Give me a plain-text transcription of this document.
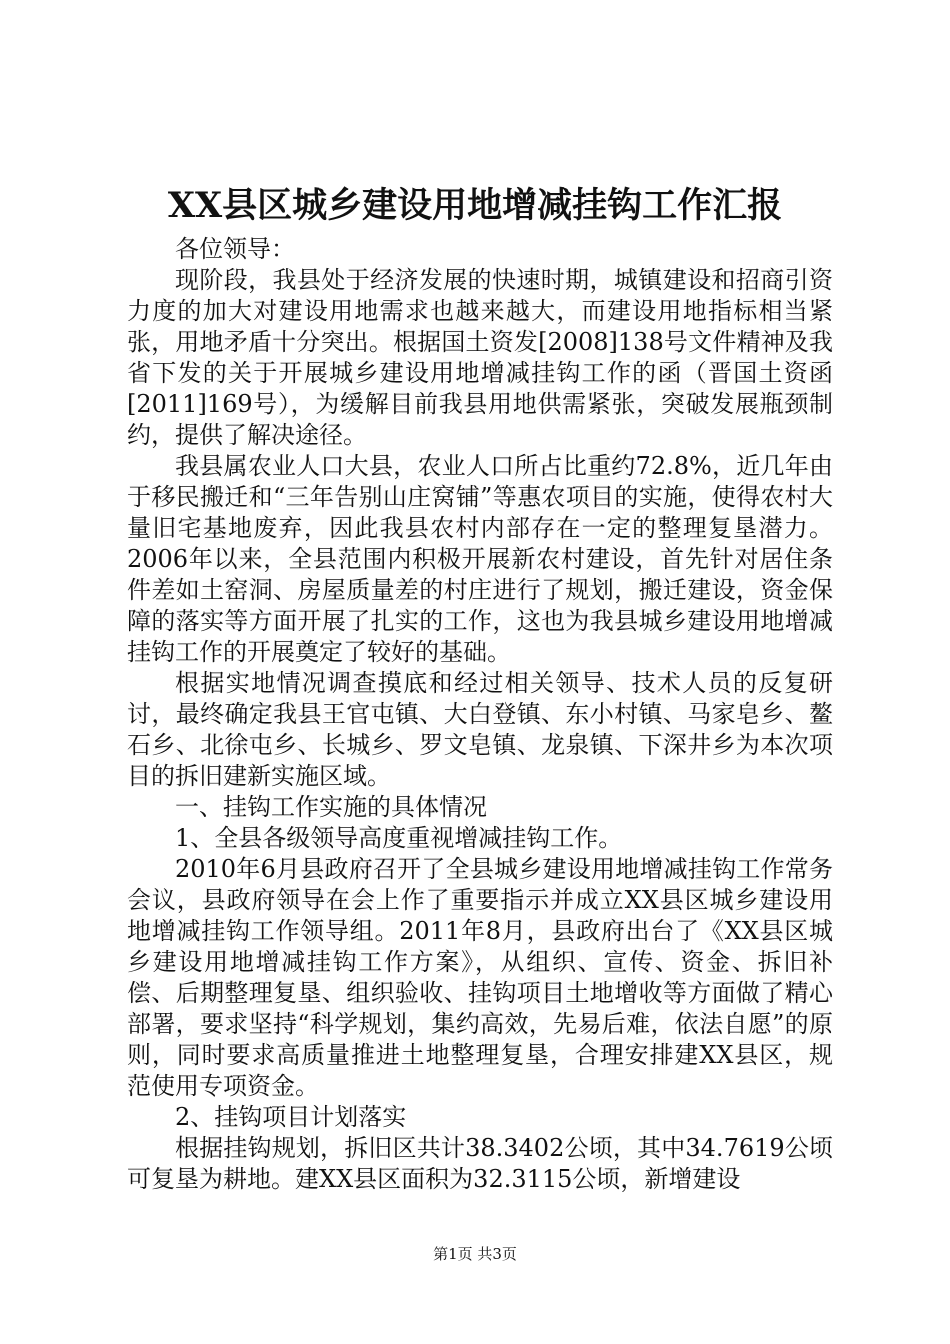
XX县区城乡建设用地增减挂钩工作汇报

各位领导：

现阶段，我县处于经济发展的快速时期，城镇建设和招商引资力度的加大对建设用地需求也越来越大，而建设用地指标相当紧张，用地矛盾十分突出。根据国土资发[2008]138号文件精神及我省下发的关于开展城乡建设用地增减挂钩工作的函（晋国土资函[2011]169号），为缓解目前我县用地供需紧张，突破发展瓶颈制约，提供了解决途径。

我县属农业人口大县，农业人口所占比重约72.8%，近几年由于移民搬迁和“三年告别山庄窝铺”等惠农项目的实施，使得农村大量旧宅基地废弃，因此我县农村内部存在一定的整理复垦潜力。2006年以来，全县范围内积极开展新农村建设，首先针对居住条件差如土窑洞、房屋质量差的村庄进行了规划，搬迁建设，资金保障的落实等方面开展了扎实的工作，这也为我县城乡建设用地增减挂钩工作的开展奠定了较好的基础。

根据实地情况调查摸底和经过相关领导、技术人员的反复研讨，最终确定我县王官屯镇、大白登镇、东小村镇、马家皂乡、鳌石乡、北徐屯乡、长城乡、罗文皂镇、龙泉镇、下深井乡为本次项目的拆旧建新实施区域。

一、挂钩工作实施的具体情况

1、全县各级领导高度重视增减挂钩工作。

2010年6月县政府召开了全县城乡建设用地增减挂钩工作常务会议，县政府领导在会上作了重要指示并成立XX县区城乡建设用地增减挂钩工作领导组。2011年8月，县政府出台了《XX县区城乡建设用地增减挂钩工作方案》，从组织、宣传、资金、拆旧补偿、后期整理复垦、组织验收、挂钩项目土地增收等方面做了精心部署，要求坚持“科学规划，集约高效，先易后难，依法自愿”的原则，同时要求高质量推进土地整理复垦，合理安排建XX县区，规范使用专项资金。

2、挂钩项目计划落实

根据挂钩规划，拆旧区共计38.3402公顷，其中34.7619公顷可复垦为耕地。建XX县区面积为32.3115公顷，新增建设

第1页 共3页
